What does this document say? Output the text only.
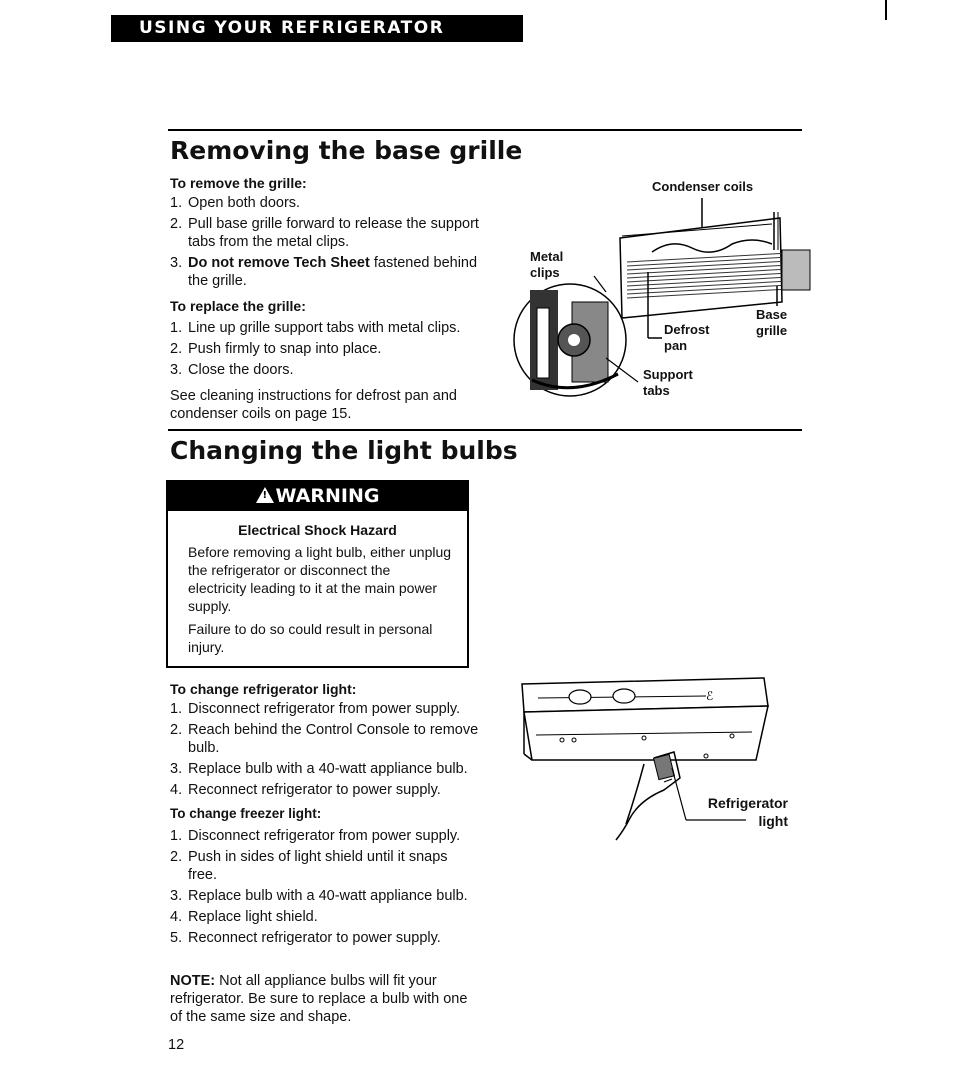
USING YOUR REFRIGERATOR
Removing the base grille
To remove the grille:
1. Open both doors.
2. Pull base grille forward to release the support tabs from the metal clips.
3. Do not remove Tech Sheet fastened behind the grille.
To replace the grille:
1. Line up grille support tabs with metal clips.
2. Push firmly to snap into place.
3. Close the doors.
See cleaning instructions for defrost pan and condenser coils on page 15.
Condenser coils
Metal clips
Defrost pan
Base grille
Support tabs
Changing the light bulbs
! WARNING
Electrical Shock Hazard
Before removing a light bulb, either unplug the refrigerator or disconnect the electricity leading to it at the main power supply.
Failure to do so could result in personal injury.
To change refrigerator light:
1. Disconnect refrigerator from power supply.
2. Reach behind the Control Console to remove bulb.
3. Replace bulb with a 40-watt appliance bulb.
4. Reconnect refrigerator to power supply.
To change freezer light:
1. Disconnect refrigerator from power supply.
2. Push in sides of light shield until it snaps free.
3. Replace bulb with a 40-watt appliance bulb.
4. Replace light shield.
5. Reconnect refrigerator to power supply.
NOTE: Not all appliance bulbs will fit your refrigerator. Be sure to replace a bulb with one of the same size and shape.
ℰ
Refrigerator light
12
